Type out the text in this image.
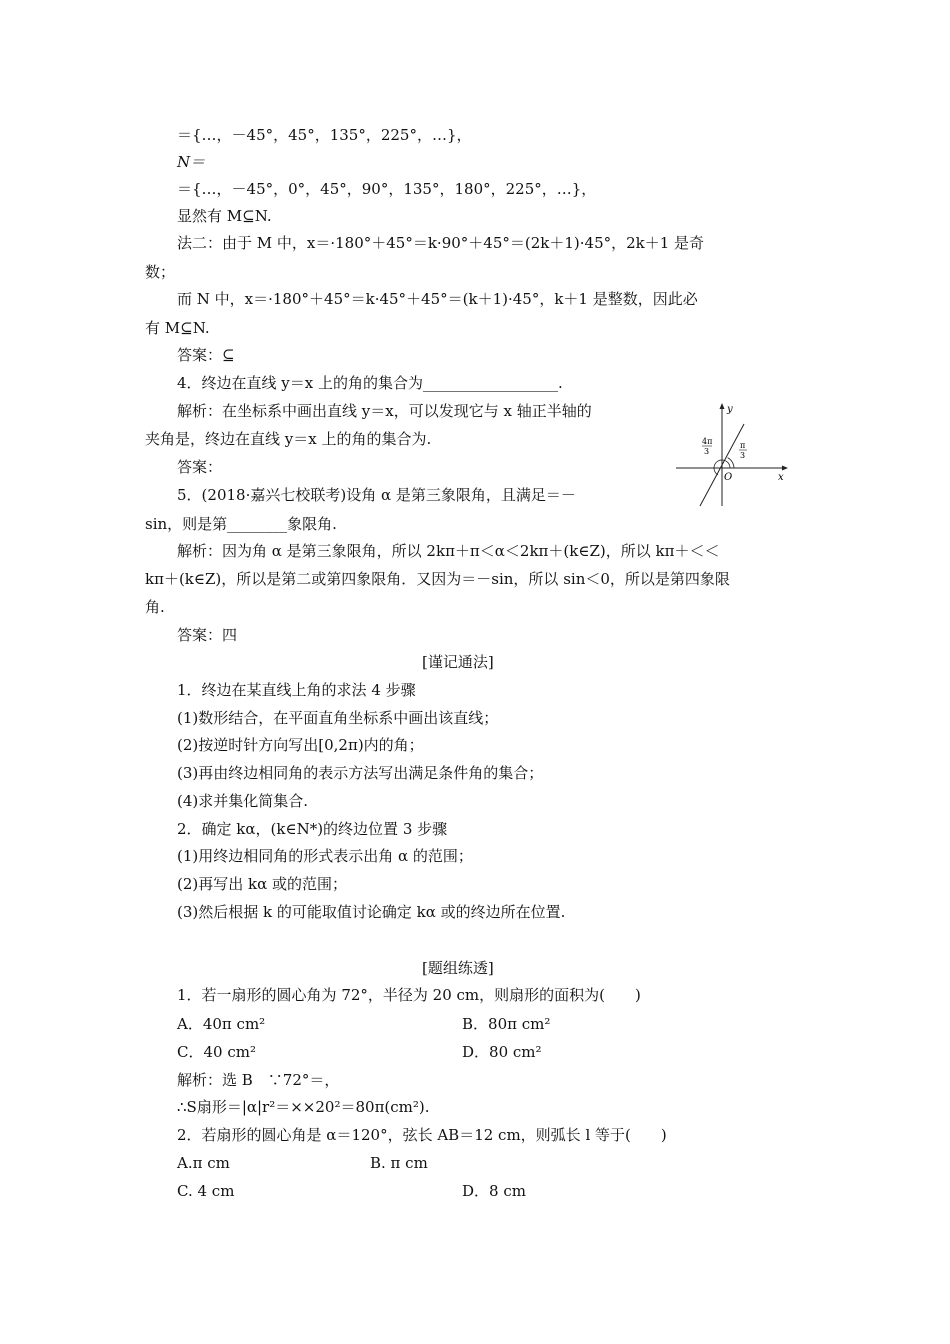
＝{…，－45°，45°，135°，225°，…}，
N＝
＝{…，－45°，0°，45°，90°，135°，180°，225°，…}，
显然有 M⊆N.
法二：由于 M 中，x＝·180°＋45°＝k·90°＋45°＝(2k＋1)·45°，2k＋1 是奇
数；
而 N 中，x＝·180°＋45°＝k·45°＋45°＝(k＋1)·45°，k＋1 是整数，因此必
有 M⊆N.
答案：⊆
4．终边在直线 y＝x 上的角的集合为__________________.
解析：在坐标系中画出直线 y＝x，可以发现它与 x 轴正半轴的
夹角是，终边在直线 y＝x 上的角的集合为.
答案：
5．(2018·嘉兴七校联考)设角 α 是第三象限角，且满足＝－
sin，则是第________象限角.
解析：因为角 α 是第三象限角，所以 2kπ＋π＜α＜2kπ＋(k∈Z)，所以 kπ＋＜＜
kπ＋(k∈Z)，所以是第二或第四象限角．又因为＝－sin，所以 sin＜0，所以是第四象限
角.
答案：四
[谨记通法]
1．终边在某直线上角的求法 4 步骤
(1)数形结合，在平面直角坐标系中画出该直线；
(2)按逆时针方向写出[0,2π)内的角；
(3)再由终边相同角的表示方法写出满足条件角的集合；
(4)求并集化简集合.
2．确定 kα，(k∈N*)的终边位置 3 步骤
(1)用终边相同角的形式表示出角 α 的范围；
(2)再写出 kα 或的范围；
(3)然后根据 k 的可能取值讨论确定 kα 或的终边所在位置.
[题组练透]
1．若一扇形的圆心角为 72°，半径为 20 cm，则扇形的面积为(　　)
A．40π cm²	B．80π cm²
C．40 cm²	D．80 cm²
解析：选 B　∵72°＝，
∴S扇形＝|α|r²＝××20²＝80π(cm²).
2．若扇形的圆心角是 α＝120°，弦长 AB＝12 cm，则弧长 l 等于(　　)
A.π cm	B. π cm
C. 4 cm	D．8 cm
y
x
O
4π
3
π
3
